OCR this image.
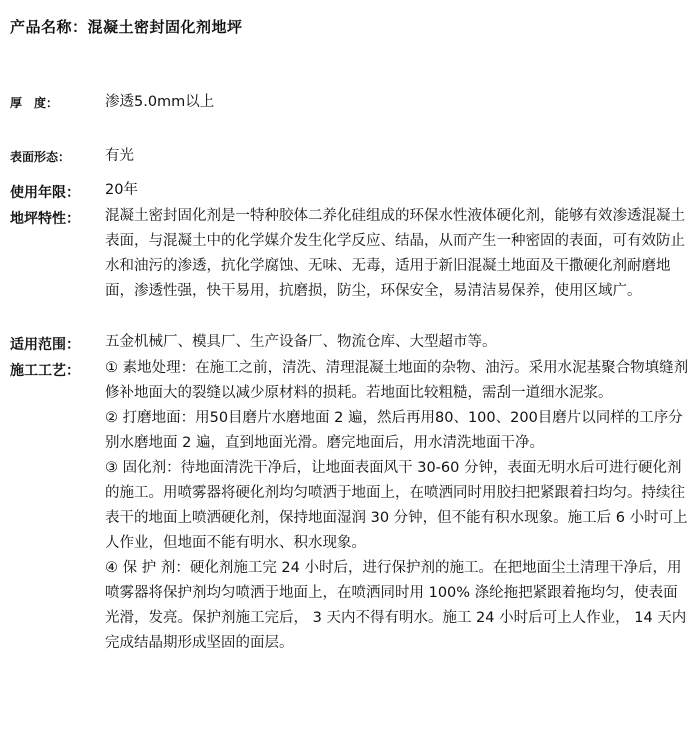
产品名称：混凝土密封固化剂地坪
厚　度：	渗透5.0mm以上
表面形态： 有光
使用年限： 20年
地坪特性： 混凝土密封固化剂是一特种胶体二养化硅组成的环保水性液体硬化剂，能够有效渗透混凝土表面，与混凝土中的化学媒介发生化学反应、结晶，从而产生一种密固的表面，可有效防止水和油污的渗透，抗化学腐蚀、无味、无毒，适用于新旧混凝土地面及干撒硬化剂耐磨地面，渗透性强，快干易用，抗磨损，防尘，环保安全，易清洁易保养，使用区域广。
适用范围： 五金机械厂、模具厂、生产设备厂、物流仓库、大型超市等。
施工工艺： ① 素地处理：在施工之前，清洗、清理混凝土地面的杂物、油污。采用水泥基聚合物填缝剂修补地面大的裂缝以减少原材料的损耗。若地面比较粗糙，需刮一道细水泥浆。

② 打磨地面：用50目磨片水磨地面 2 遍，然后再用80、100、200目磨片以同样的工序分别水磨地面 2 遍，直到地面光滑。磨完地面后，用水清洗地面干净。

③ 固化剂：待地面清洗干净后，让地面表面风干 30-60 分钟，表面无明水后可进行硬化剂的施工。用喷雾器将硬化剂均匀喷洒于地面上，在喷洒同时用胶扫把紧跟着扫均匀。持续往表干的地面上喷洒硬化剂，保持地面湿润 30 分钟，但不能有积水现象。施工后 6 小时可上人作业，但地面不能有明水、积水现象。

④ 保 护 剂：硬化剂施工完 24 小时后，进行保护剂的施工。在把地面尘土清理干净后，用喷雾器将保护剂均匀喷洒于地面上，在喷洒同时用 100% 涤纶拖把紧跟着拖均匀，使表面光滑，发亮。保护剂施工完后， 3 天内不得有明水。施工 24 小时后可上人作业， 14 天内完成结晶期形成坚固的面层。
